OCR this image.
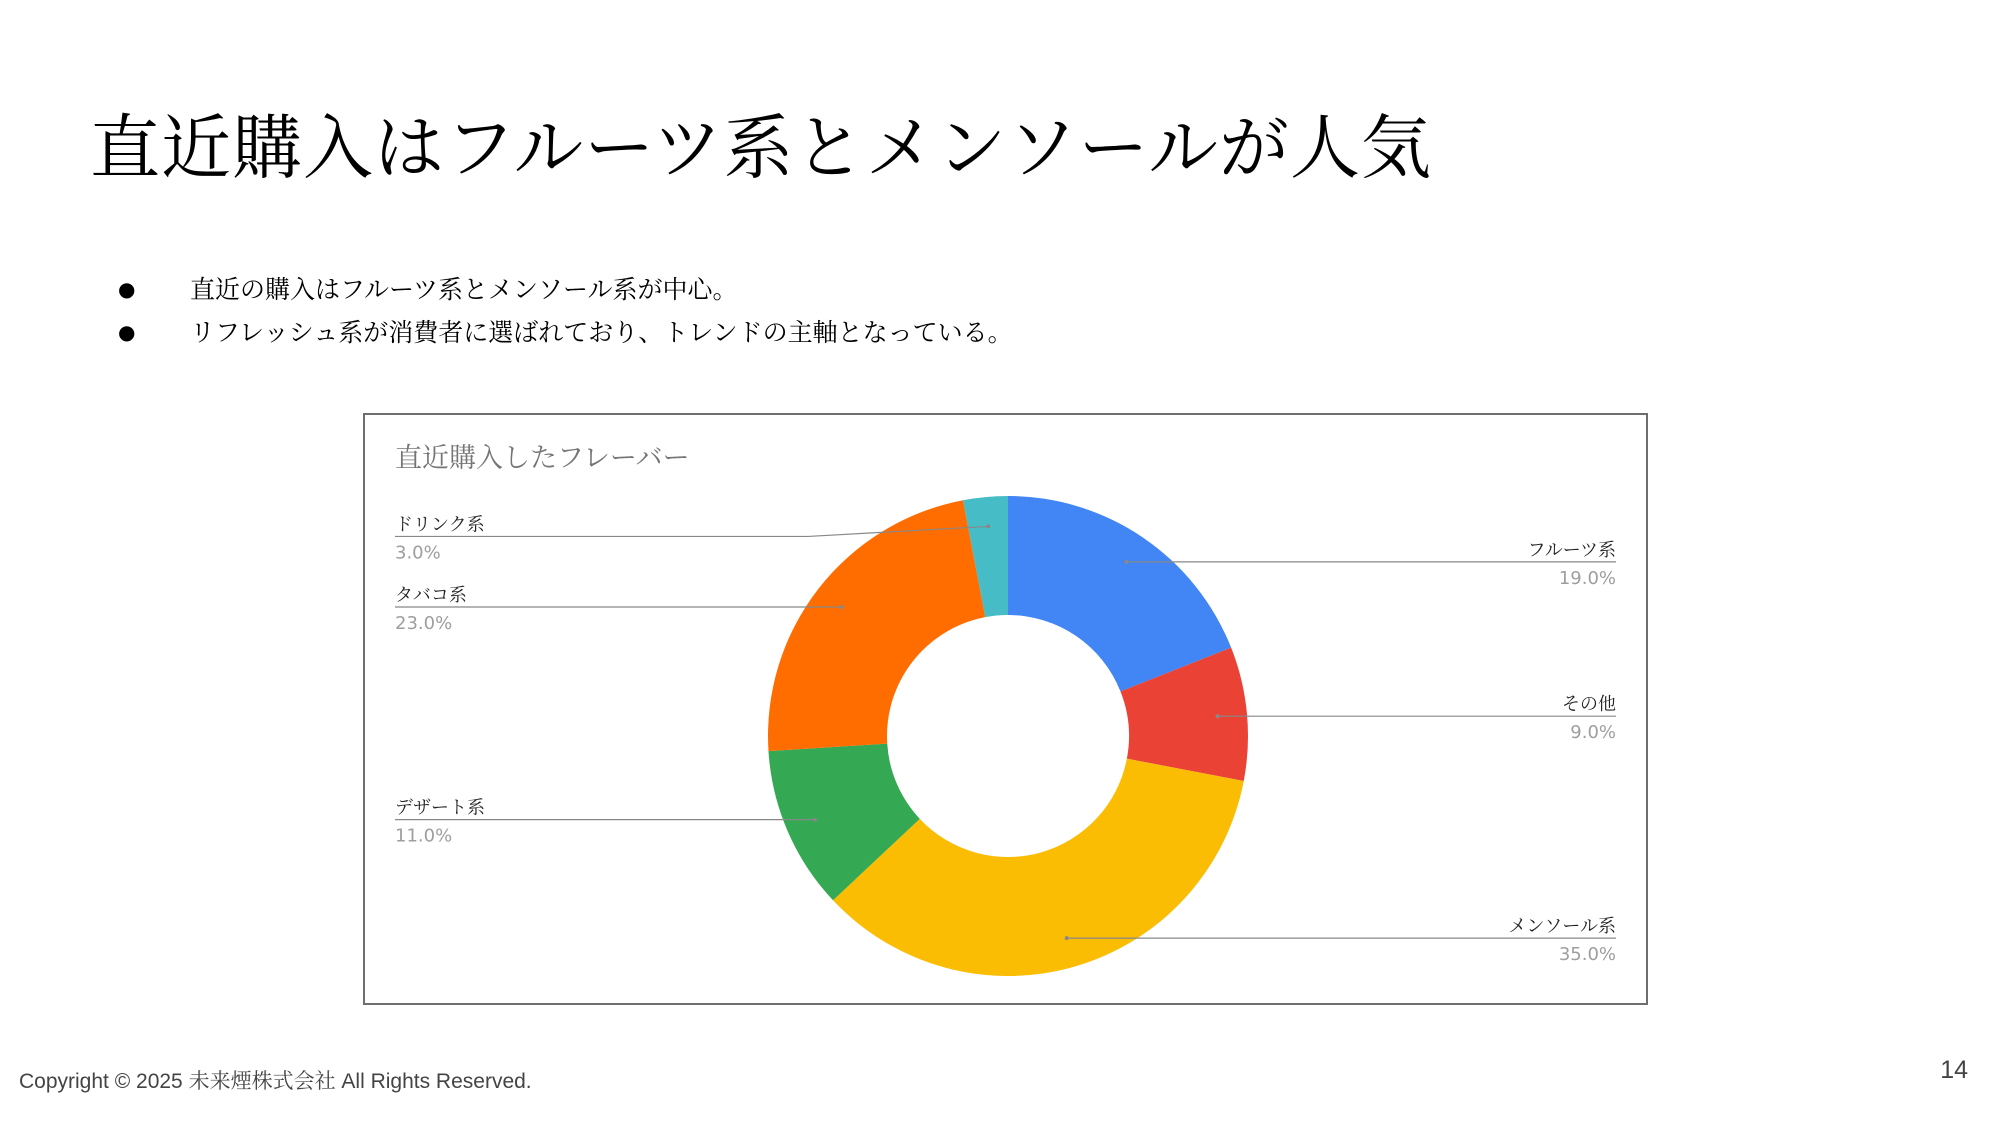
直近購入はフルーツ系とメンソールが人気
● 直近の購入はフルーツ系とメンソール系が中心。
● リフレッシュ系が消費者に選ばれており、トレンドの主軸となっている。
直近購入したフレーバー
フルーツ系
19.0%
その他
9.0%
メンソール系
35.0%
デザート系
11.0%
タバコ系
23.0%
ドリンク系
3.0%
Copyright © 2025 未来煙株式会社 All Rights Reserved.	14
